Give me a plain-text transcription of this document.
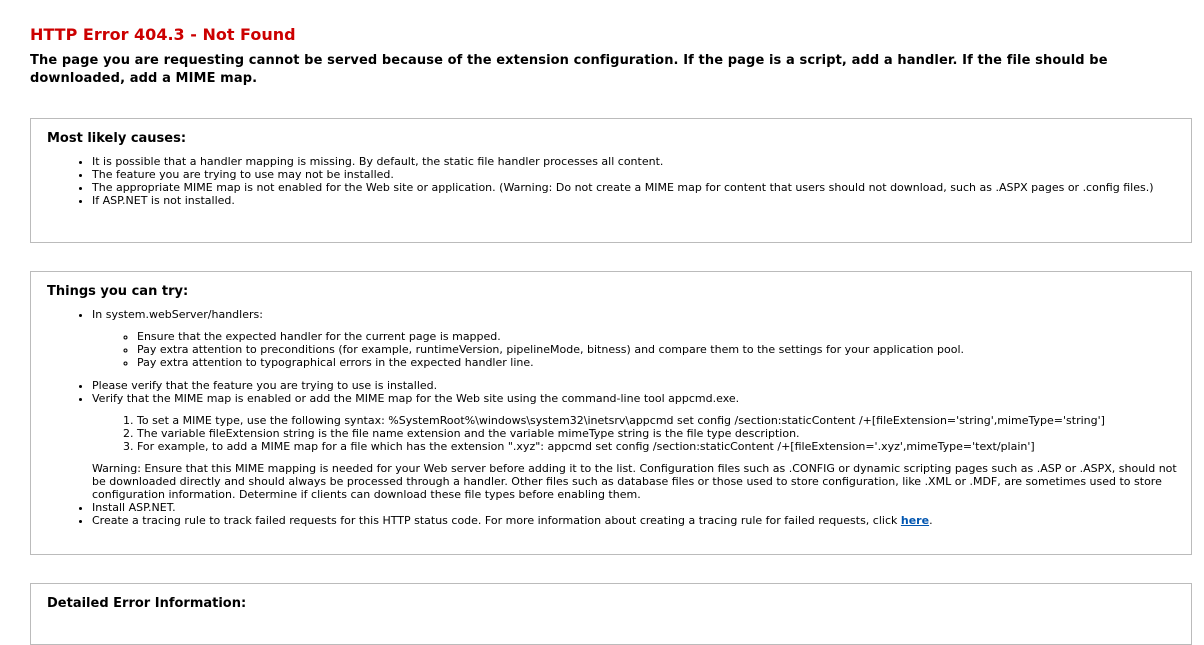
HTTP Error 404.3 - Not Found
The page you are requesting cannot be served because of the extension configuration. If the page is a script, add a handler. If the file should be downloaded, add a MIME map.
Most likely causes:
• It is possible that a handler mapping is missing. By default, the static file handler processes all content.
• The feature you are trying to use may not be installed.
• The appropriate MIME map is not enabled for the Web site or application. (Warning: Do not create a MIME map for content that users should not download, such as .ASPX pages or .config files.)
• If ASP.NET is not installed.
Things you can try:
• In system.webServer/handlers:
◦ Ensure that the expected handler for the current page is mapped.
◦ Pay extra attention to preconditions (for example, runtimeVersion, pipelineMode, bitness) and compare them to the settings for your application pool.
◦ Pay extra attention to typographical errors in the expected handler line.
• Please verify that the feature you are trying to use is installed.
• Verify that the MIME map is enabled or add the MIME map for the Web site using the command-line tool appcmd.exe.
1. To set a MIME type, use the following syntax: %SystemRoot%\windows\system32\inetsrv\appcmd set config /section:staticContent /+[fileExtension='string',mimeType='string']
2. The variable fileExtension string is the file name extension and the variable mimeType string is the file type description.
3. For example, to add a MIME map for a file which has the extension ".xyz": appcmd set config /section:staticContent /+[fileExtension='.xyz',mimeType='text/plain']
Warning: Ensure that this MIME mapping is needed for your Web server before adding it to the list. Configuration files such as .CONFIG or dynamic scripting pages such as .ASP or .ASPX, should not be downloaded directly and should always be processed through a handler. Other files such as database files or those used to store configuration, like .XML or .MDF, are sometimes used to store configuration information. Determine if clients can download these file types before enabling them.
• Install ASP.NET.
• Create a tracing rule to track failed requests for this HTTP status code. For more information about creating a tracing rule for failed requests, click here.
Detailed Error Information:
